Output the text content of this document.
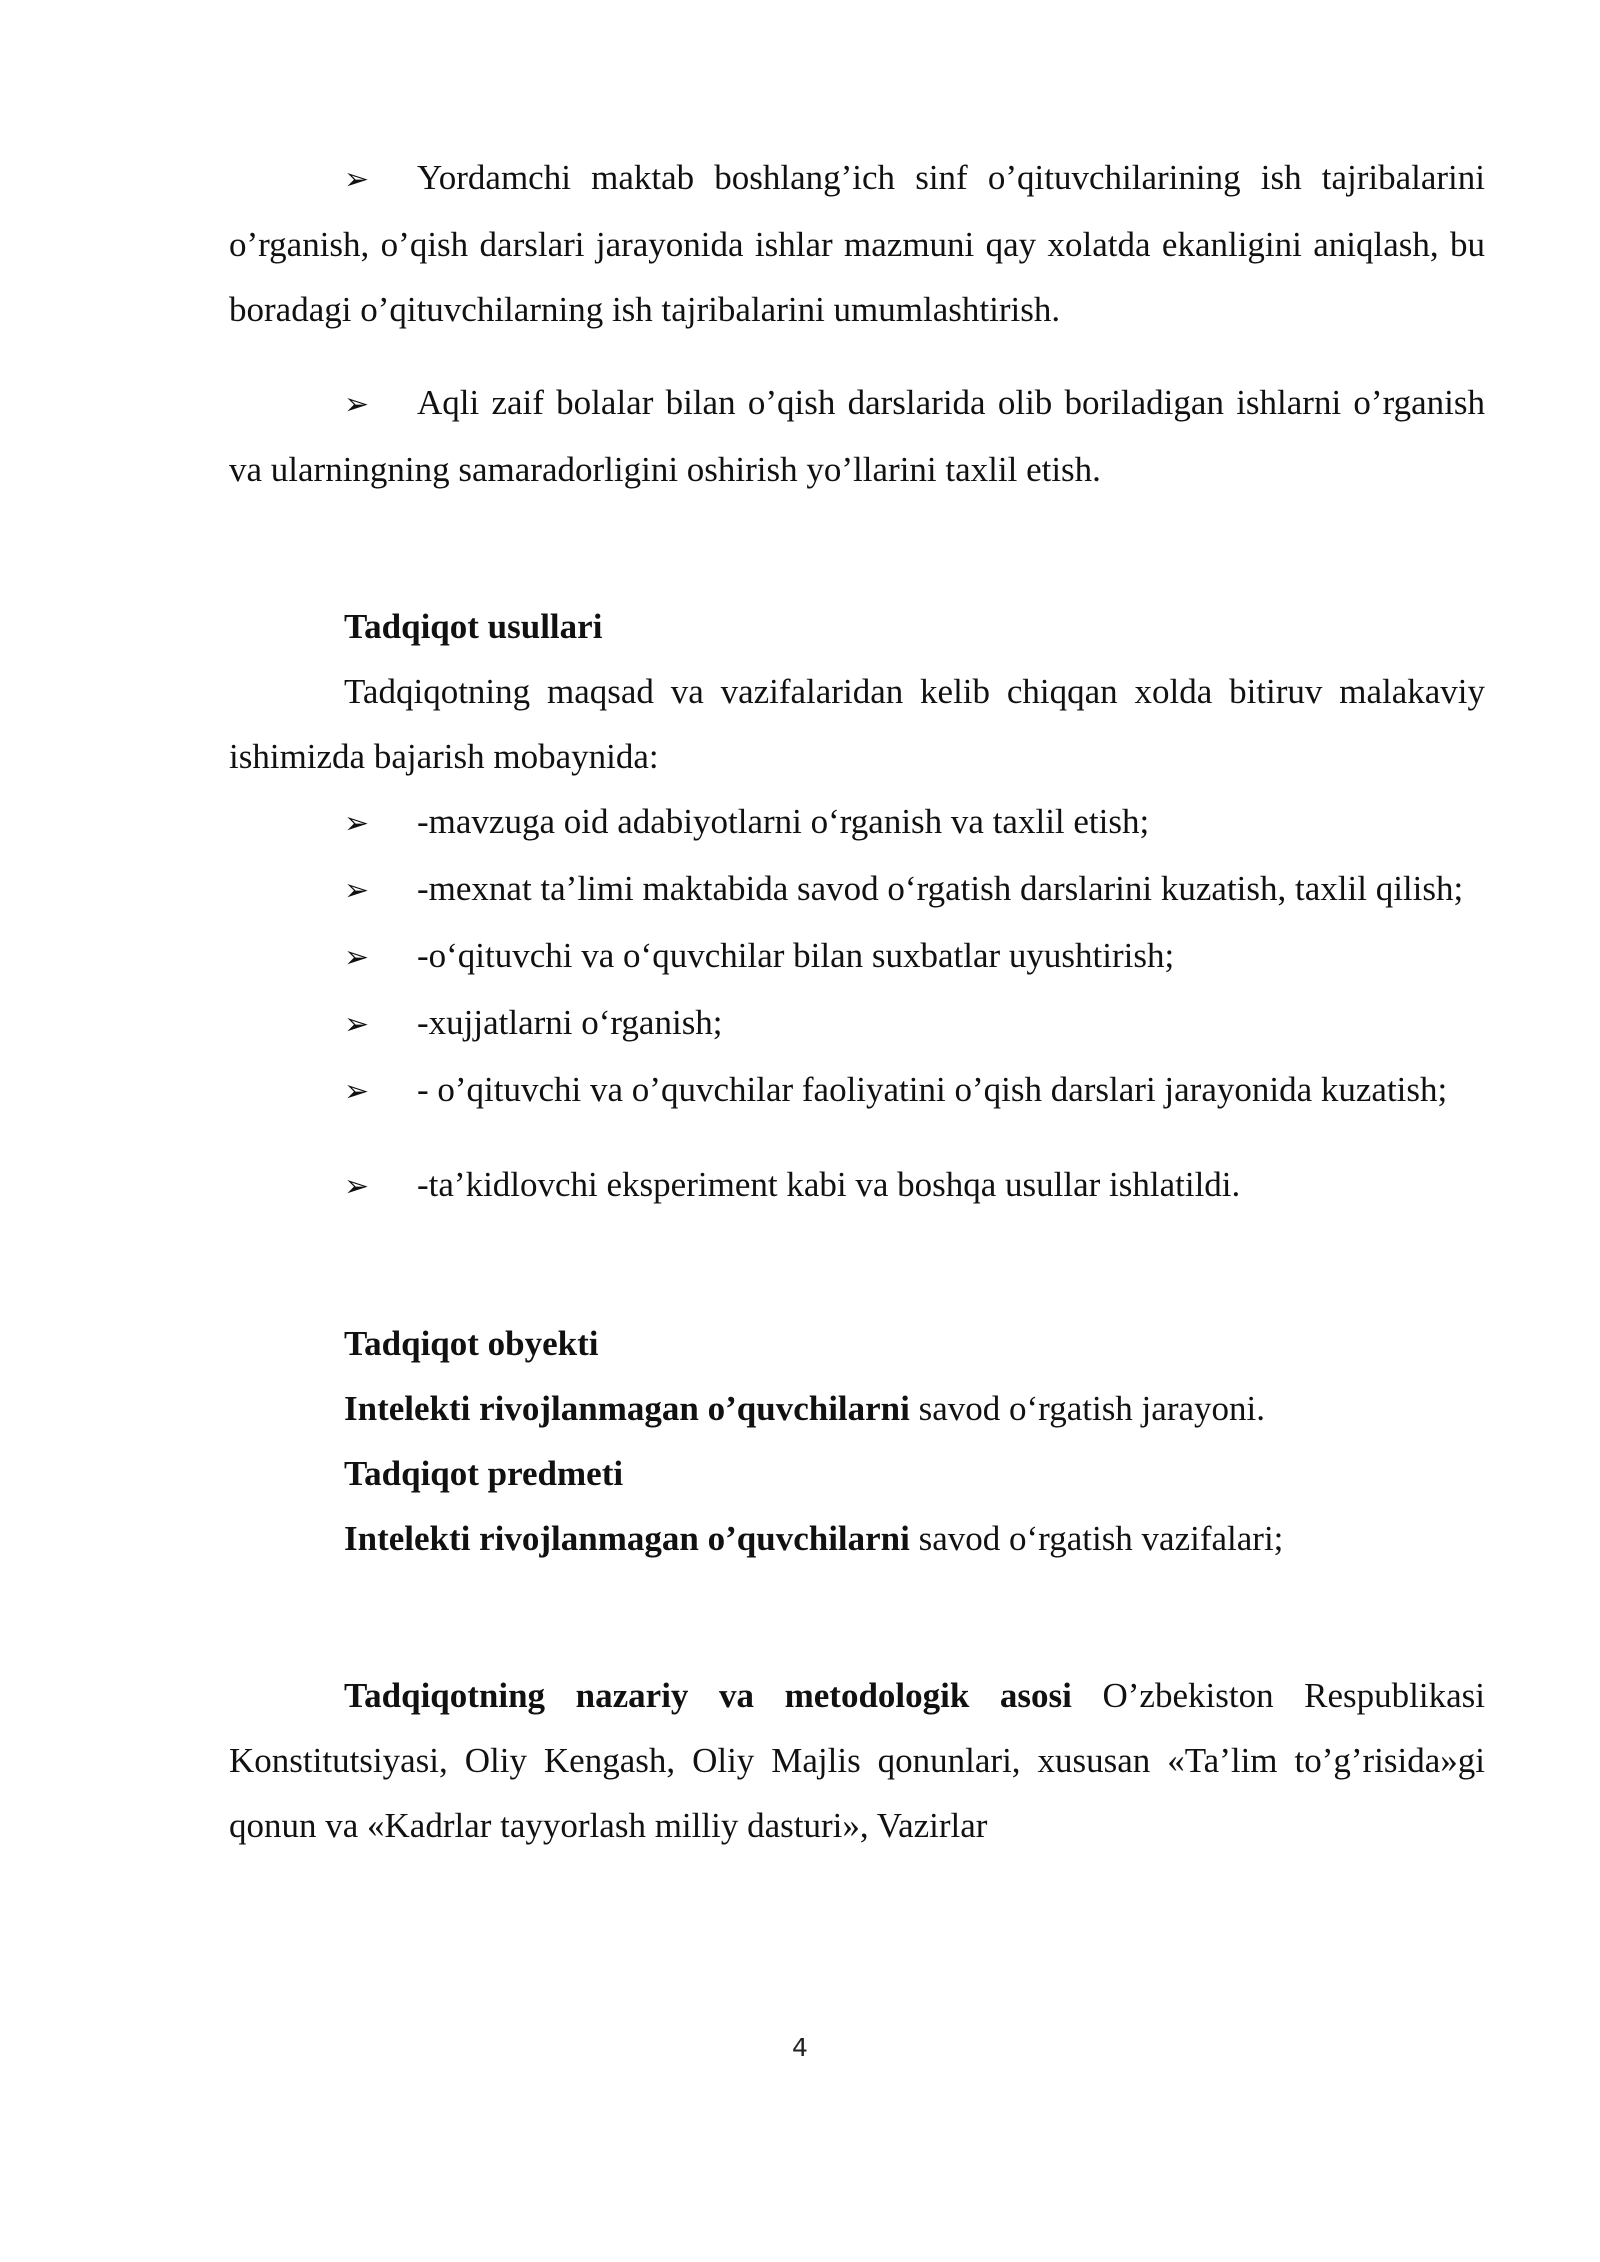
➢ Yordamchi maktab boshlang’ich sinf o’qituvchilarining ish tajribalarini o’rganish, o’qish darslari jarayonida ishlar mazmuni qay xolatda ekanligini aniqlash, bu boradagi o’qituvchilarning ish tajribalarini umumlashtirish.

➢ Aqli zaif bolalar bilan o’qish darslarida olib boriladigan ishlarni o’rganish va ularningning samaradorligini oshirish yo’llarini taxlil etish.

Tadqiqot usullari

Tadqiqotning maqsad va vazifalaridan kelib chiqqan xolda bitiruv malakaviy ishimizda bajarish mobaynida:

➢ -mavzuga oid adabiyotlarni o‘rganish va taxlil etish;

➢ -mexnat ta’limi maktabida savod o‘rgatish darslarini kuzatish, taxlil qilish;

➢ -o‘qituvchi va o‘quvchilar bilan suxbatlar uyushtirish;

➢ -xujjatlarni o‘rganish;

➢ - o’qituvchi va o’quvchilar faoliyatini o’qish darslari jarayonida kuzatish;

➢ -ta’kidlovchi eksperiment kabi va boshqa usullar ishlatildi.

Tadqiqot obyekti

Intelekti rivojlanmagan o’quvchilarni savod o‘rgatish jarayoni.

Tadqiqot predmeti

Intelekti rivojlanmagan o’quvchilarni savod o‘rgatish vazifalari;

Tadqiqotning nazariy va metodologik asosi O’zbekiston Respublikasi Konstitutsiyasi, Oliy Kengash, Oliy Majlis qonunlari, xususan «Ta’lim to’g’risida»gi qonun va «Kadrlar tayyorlash milliy dasturi», Vazirlar

4
